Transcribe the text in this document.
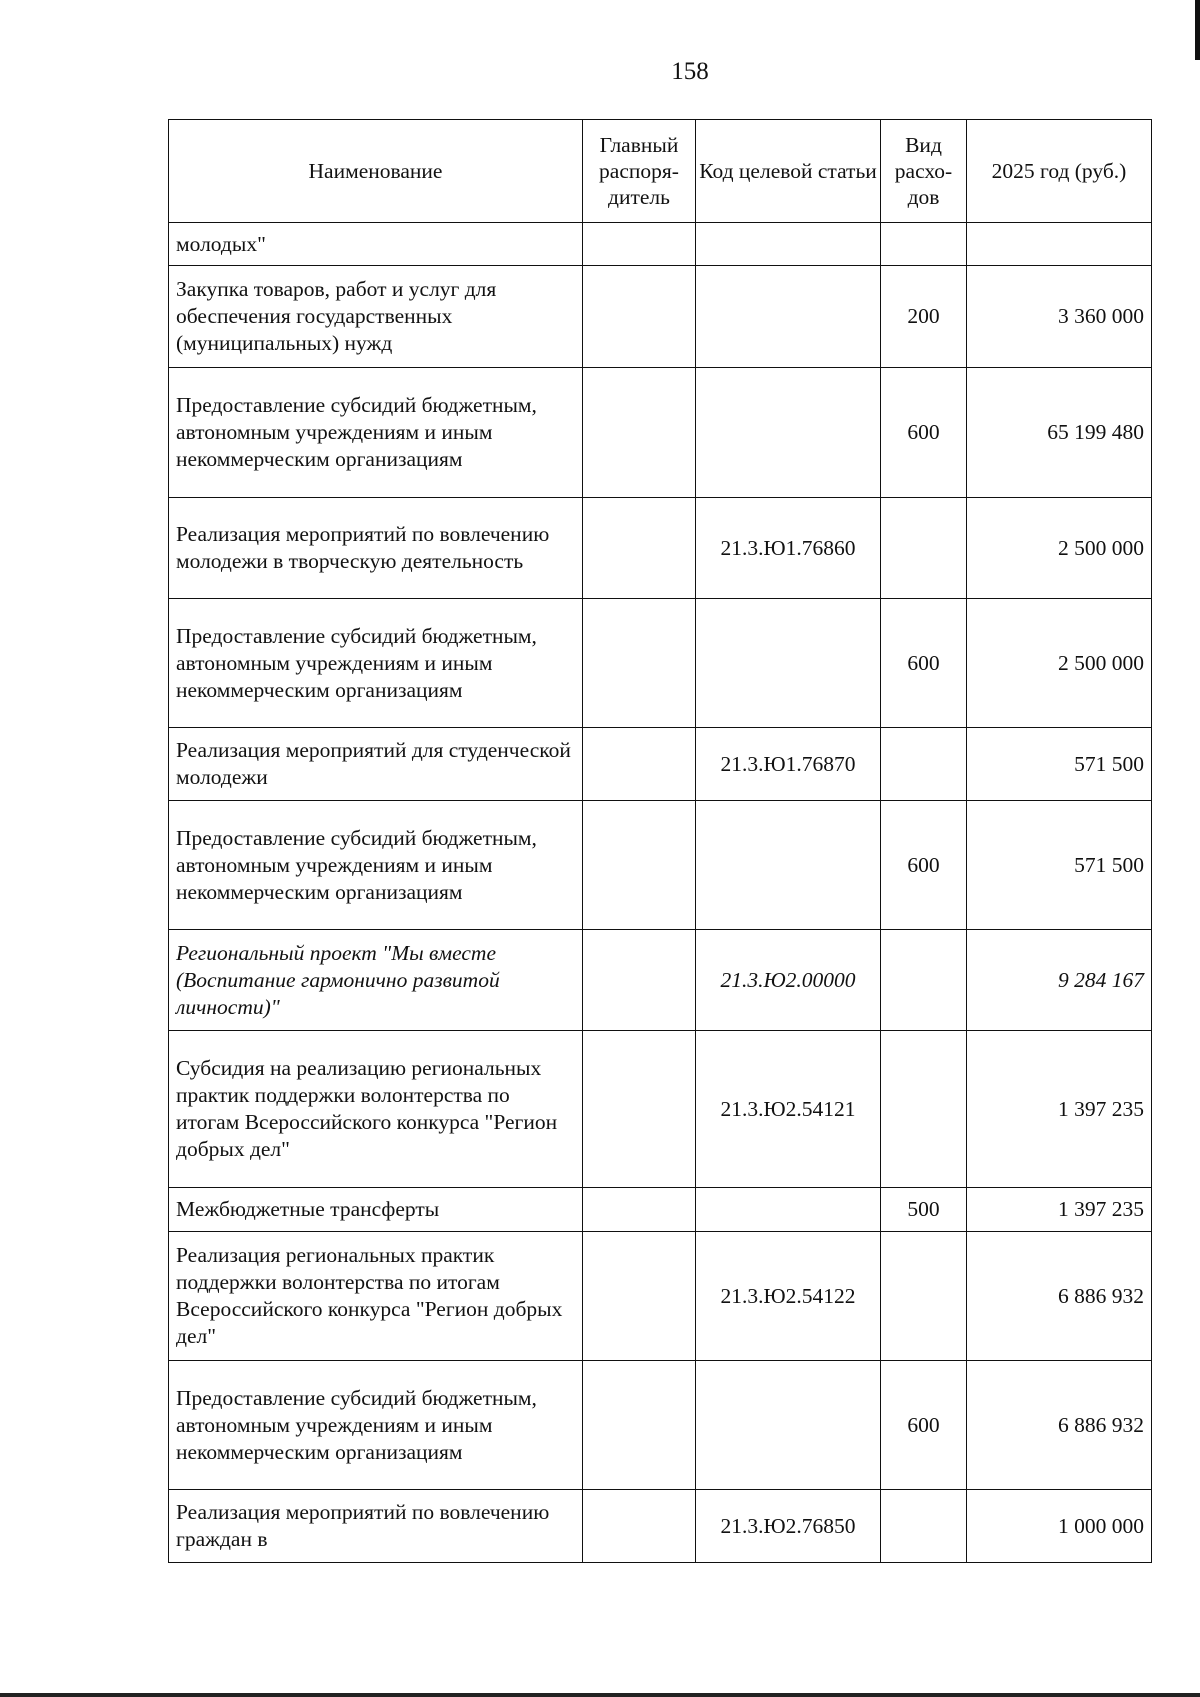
158
Наименование	Главный распоря-дитель	Код целевой статьи	Вид расхо-дов	2025 год (руб.)
молодых"				
Закупка товаров, работ и услуг для обеспечения государственных (муниципальных) нужд			200	3 360 000
Предоставление субсидий бюджетным, автономным учреждениям и иным некоммерческим организациям			600	65 199 480
Реализация мероприятий по вовлечению молодежи в творческую деятельность		21.3.Ю1.76860		2 500 000
Предоставление субсидий бюджетным, автономным учреждениям и иным некоммерческим организациям			600	2 500 000
Реализация мероприятий для студенческой молодежи		21.3.Ю1.76870		571 500
Предоставление субсидий бюджетным, автономным учреждениям и иным некоммерческим организациям			600	571 500
Региональный проект "Мы вместе (Воспитание гармонично развитой личности)"		21.3.Ю2.00000		9 284 167
Субсидия на реализацию региональных практик поддержки волонтерства по итогам Всероссийского конкурса "Регион добрых дел"		21.3.Ю2.54121		1 397 235
Межбюджетные трансферты			500	1 397 235
Реализация региональных практик поддержки волонтерства по итогам Всероссийского конкурса "Регион добрых дел"		21.3.Ю2.54122		6 886 932
Предоставление субсидий бюджетным, автономным учреждениям и иным некоммерческим организациям			600	6 886 932
Реализация мероприятий по вовлечению граждан в		21.3.Ю2.76850		1 000 000
